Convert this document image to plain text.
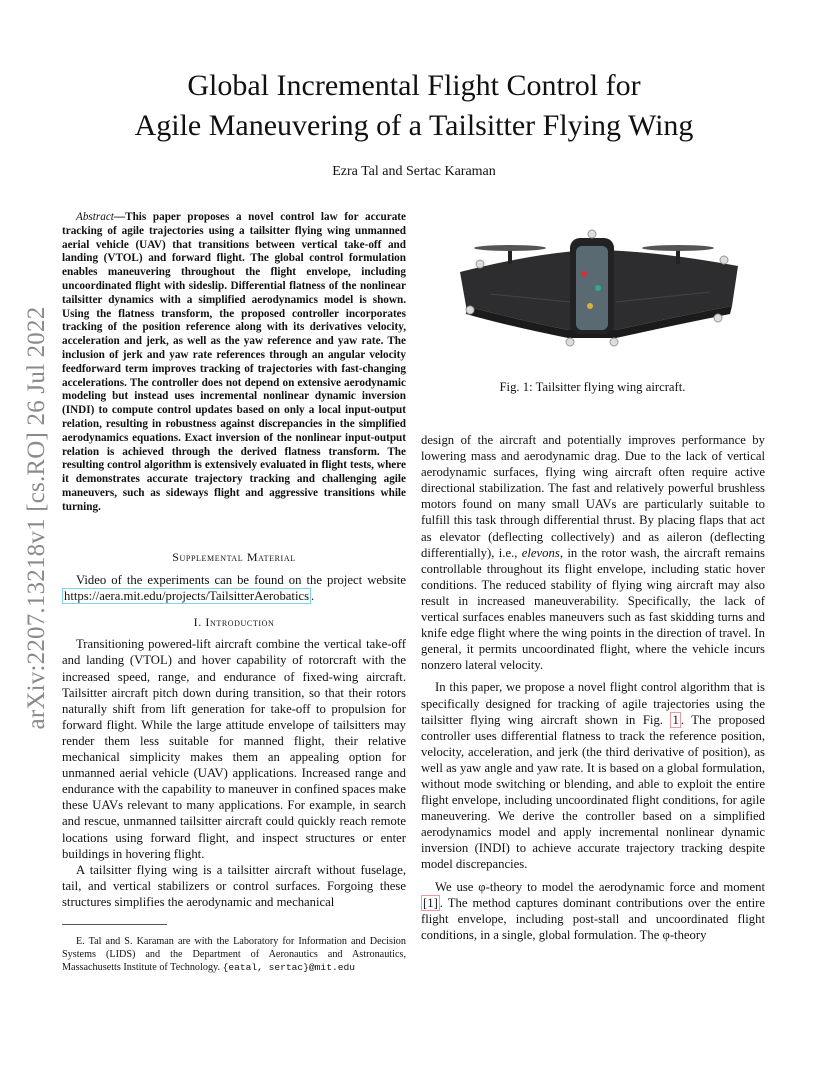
Global Incremental Flight Control for
Agile Maneuvering of a Tailsitter Flying Wing
Ezra Tal and Sertac Karaman
arXiv:2207.13218v1 [cs.RO] 26 Jul 2022
Abstract—This paper proposes a novel control law for accurate tracking of agile trajectories using a tailsitter flying wing unmanned aerial vehicle (UAV) that transitions between vertical take-off and landing (VTOL) and forward flight. The global control formulation enables maneuvering throughout the flight envelope, including uncoordinated flight with sideslip. Differential flatness of the nonlinear tailsitter dynamics with a simplified aerodynamics model is shown. Using the flatness transform, the proposed controller incorporates tracking of the position reference along with its derivatives velocity, acceleration and jerk, as well as the yaw reference and yaw rate. The inclusion of jerk and yaw rate references through an angular velocity feedforward term improves tracking of trajectories with fast-changing accelerations. The controller does not depend on extensive aerodynamic modeling but instead uses incremental nonlinear dynamic inversion (INDI) to compute control updates based on only a local input-output relation, resulting in robustness against discrepancies in the simplified aerodynamics equations. Exact inversion of the nonlinear input-output relation is achieved through the derived flatness transform. The resulting control algorithm is extensively evaluated in flight tests, where it demonstrates accurate trajectory tracking and challenging agile maneuvers, such as sideways flight and aggressive transitions while turning.

Supplemental Material

Video of the experiments can be found on the project website https://aera.mit.edu/projects/TailsitterAerobatics .

I. Introduction

Transitioning powered-lift aircraft combine the vertical take-off and landing (VTOL) and hover capability of rotorcraft with the increased speed, range, and endurance of fixed-wing aircraft. Tailsitter aircraft pitch down during transition, so that their rotors naturally shift from lift generation for take-off to propulsion for forward flight. While the large attitude envelope of tailsitters may render them less suitable for manned flight, their relative mechanical simplicity makes them an appealing option for unmanned aerial vehicle (UAV) applications. Increased range and endurance with the capability to maneuver in confined spaces make these UAVs relevant to many applications. For example, in search and rescue, unmanned tailsitter aircraft could quickly reach remote locations using forward flight, and inspect structures or enter buildings in hovering flight.

A tailsitter flying wing is a tailsitter aircraft without fuselage, tail, and vertical stabilizers or control surfaces. Forgoing these structures simplifies the aerodynamic and mechanical

E. Tal and S. Karaman are with the Laboratory for Information and Decision Systems (LIDS) and the Department of Aeronautics and Astronautics, Massachusetts Institute of Technology. {eatal, sertac}@mit.edu
Fig. 1: Tailsitter flying wing aircraft.

design of the aircraft and potentially improves performance by lowering mass and aerodynamic drag. Due to the lack of vertical aerodynamic surfaces, flying wing aircraft often require active directional stabilization. The fast and relatively powerful brushless motors found on many small UAVs are particularly suitable to fulfill this task through differential thrust. By placing flaps that act as elevator (deflecting collectively) and as aileron (deflecting differentially), i.e., elevons, in the rotor wash, the aircraft remains controllable throughout its flight envelope, including static hover conditions. The reduced stability of flying wing aircraft may also result in increased maneuverability. Specifically, the lack of vertical surfaces enables maneuvers such as fast skidding turns and knife edge flight where the wing points in the direction of travel. In general, it permits uncoordinated flight, where the vehicle incurs nonzero lateral velocity.

In this paper, we propose a novel flight control algorithm that is specifically designed for tracking of agile trajectories using the tailsitter flying wing aircraft shown in Fig. 1 . The proposed controller uses differential flatness to track the reference position, velocity, acceleration, and jerk (the third derivative of position), as well as yaw angle and yaw rate. It is based on a global formulation, without mode switching or blending, and able to exploit the entire flight envelope, including uncoordinated flight conditions, for agile maneuvering. We derive the controller based on a simplified aerodynamics model and apply incremental nonlinear dynamic inversion (INDI) to achieve accurate trajectory tracking despite model discrepancies.

We use φ-theory to model the aerodynamic force and moment [1] . The method captures dominant contributions over the entire flight envelope, including post-stall and uncoordinated flight conditions, in a single, global formulation. The φ-theory
